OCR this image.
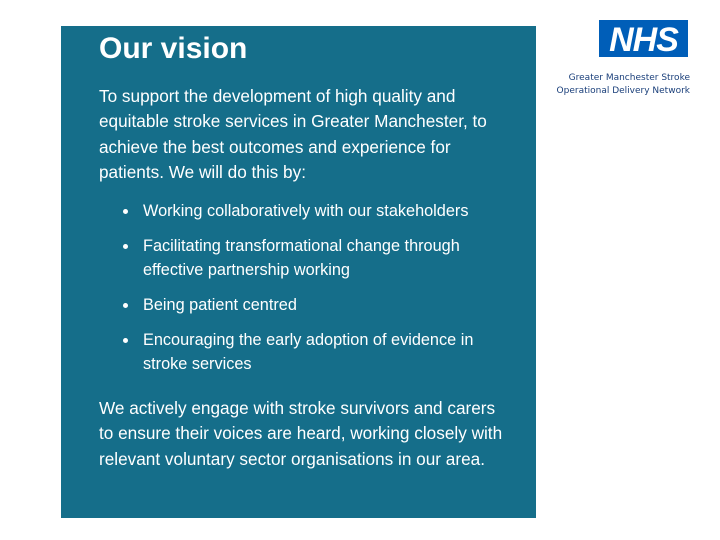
Our vision

To support the development of high quality and equitable stroke services in Greater Manchester, to achieve the best outcomes and experience for patients. We will do this by:

Working collaboratively with our stakeholders
Facilitating transformational change through effective partnership working
Being patient centred
Encouraging the early adoption of evidence in stroke services

We actively engage with stroke survivors and carers to ensure their voices are heard, working closely with relevant voluntary sector organisations in our area.

NHS
Greater Manchester Stroke
Operational Delivery Network
